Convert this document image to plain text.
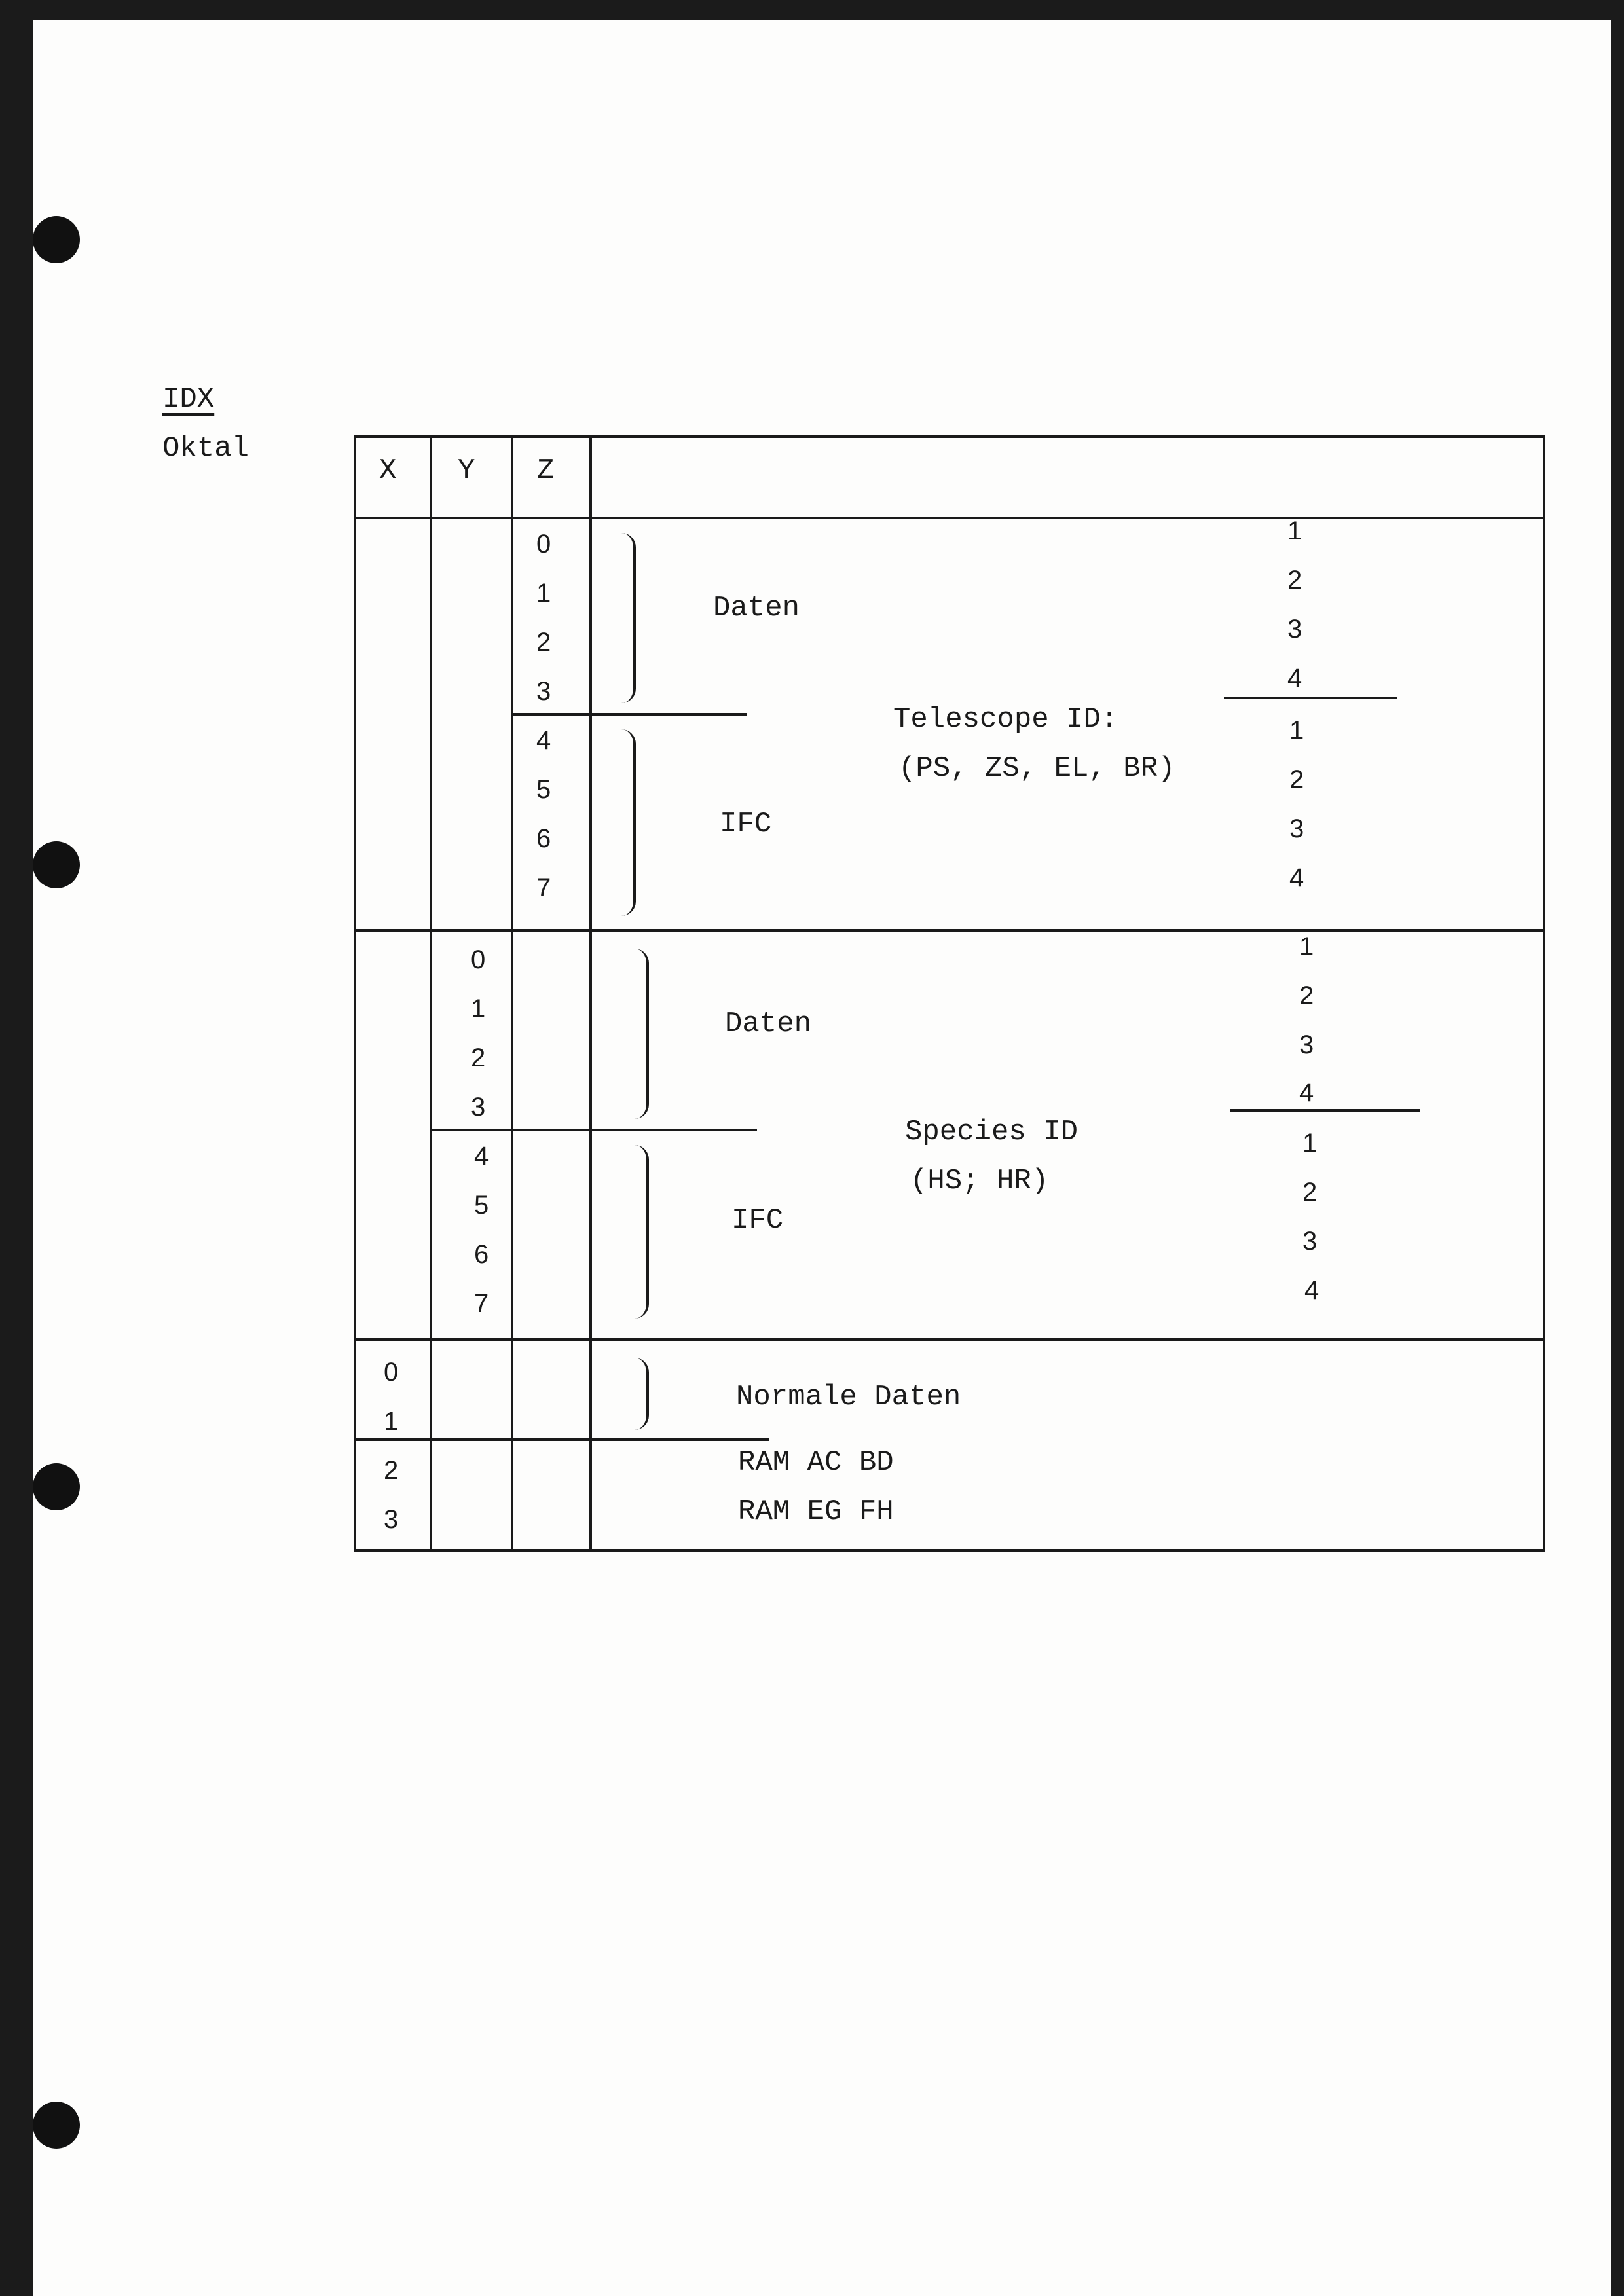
IDX
Oktal
X Y Z
0
1
2
3
4
5
6
7
Daten
IFC
Telescope ID:
(PS, ZS, EL, BR)
1
2
3
4
1
2
3
4
0
1
2
3
4
5
6
7
Daten
IFC
Species ID
(HS; HR)
1
2
3
4
1
2
3
4
0
1
2
3
Normale Daten
RAM AC BD
RAM EG FH
